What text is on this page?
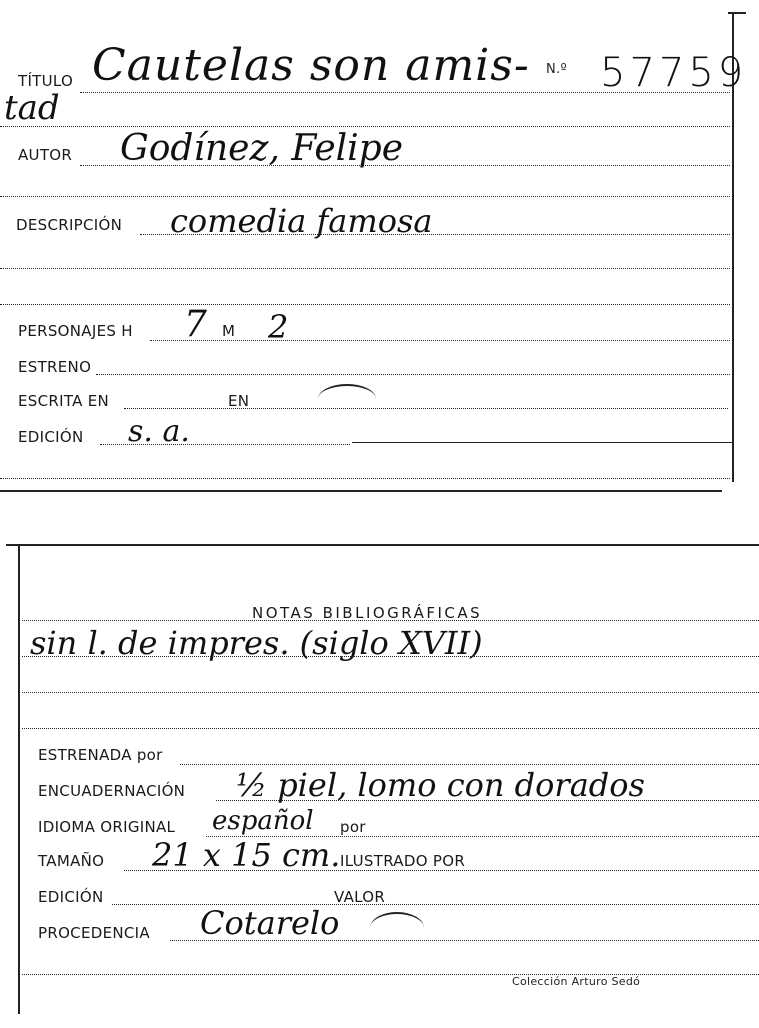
TÍTULO Cautelas son amis- N.º 57759
tad
AUTOR Godínez, Felipe
DESCRIPCIÓN comedia famosa
PERSONAJES H 7 M 2
ESTRENO
ESCRITA EN	EN
EDICIÓN s. a.
NOTAS BIBLIOGRÁFICAS
sin l. de impres. (siglo XVII)
ESTRENADA por
ENCUADERNACIÓN ½ piel, lomo con dorados
IDIOMA ORIGINAL español por
TAMAÑO 21 x 15 cm. ILUSTRADO POR
EDICIÓN	VALOR
PROCEDENCIA Cotarelo
Colección Arturo Sedó
